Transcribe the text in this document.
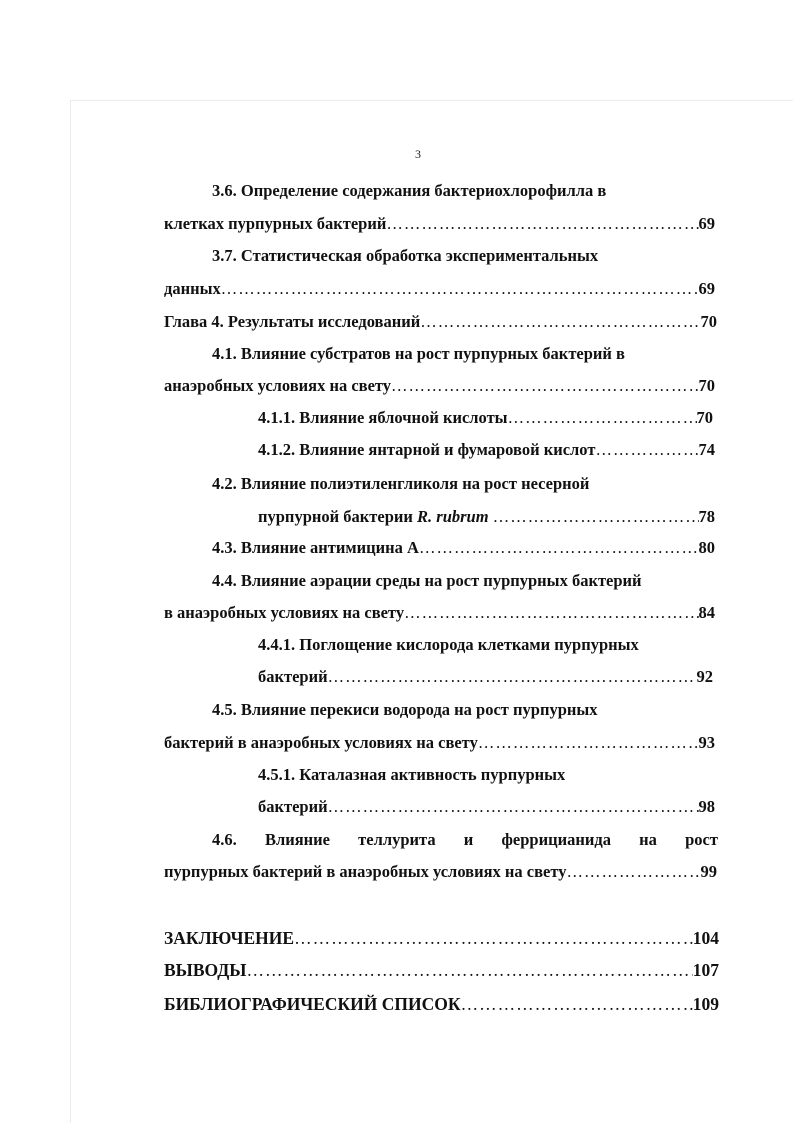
3
3.6. Определение содержания бактериохлорофилла в
клетках пурпурных бактерий ………………………………………………………………………………………………………………………………………	69
3.7. Статистическая обработка экспериментальных
данных ………………………………………………………………………………………………………………………………………	69
Глава 4. Результаты исследований ………………………………………………………………………………………………………………………………………	70
4.1. Влияние субстратов на рост пурпурных бактерий в
анаэробных условиях на свету ………………………………………………………………………………………………………………………………………	70
4.1.1. Влияние яблочной кислоты ………………………………………………………………………………………………………………………………………	70
4.1.2. Влияние янтарной и фумаровой кислот ………………………………………………………………………………………………………………………………………	74
4.2. Влияние полиэтиленгликоля на рост несерной
пурпурной бактерии R. rubrum ………………………………………………………………………………………………………………………………………	78
4.3. Влияние антимицина А ………………………………………………………………………………………………………………………………………	80
4.4. Влияние аэрации среды на рост пурпурных бактерий
в анаэробных условиях на свету ………………………………………………………………………………………………………………………………………	84
4.4.1. Поглощение кислорода клетками пурпурных
бактерий ………………………………………………………………………………………………………………………………………	92
4.5. Влияние перекиси водорода на рост пурпурных
бактерий в анаэробных условиях на свету ………………………………………………………………………………………………………………………………………	93
4.5.1. Каталазная активность пурпурных
бактерий ………………………………………………………………………………………………………………………………………	98
4.6. Влияние теллурита и феррицианида на рост
пурпурных бактерий в анаэробных условиях на свету ………………………………………………………………………………………………………………………………………	99
ЗАКЛЮЧЕНИЕ ………………………………………………………………………………………………………………………………………	104
ВЫВОДЫ ………………………………………………………………………………………………………………………………………	107
БИБЛИОГРАФИЧЕСКИЙ СПИСОК ………………………………………………………………………………………………………………………………………	109
